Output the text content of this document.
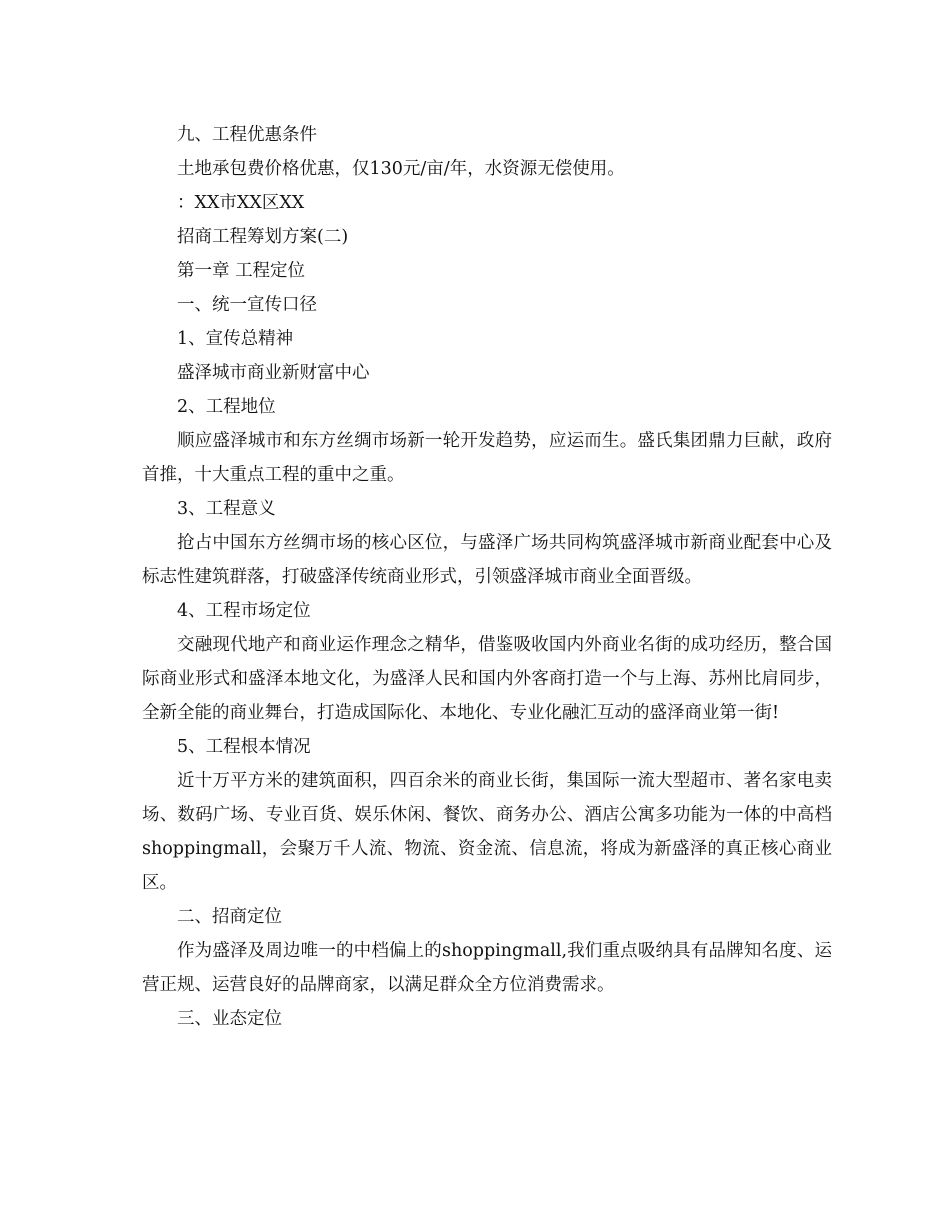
九、工程优惠条件

土地承包费价格优惠，仅130元/亩/年，水资源无偿使用。

：XX市XX区XX

招商工程筹划方案(二)

第一章 工程定位

一、统一宣传口径

1、宣传总精神

盛泽城市商业新财富中心

2、工程地位

顺应盛泽城市和东方丝绸市场新一轮开发趋势，应运而生。盛氏集团鼎力巨献，政府首推，十大重点工程的重中之重。

3、工程意义

抢占中国东方丝绸市场的核心区位，与盛泽广场共同构筑盛泽城市新商业配套中心及标志性建筑群落，打破盛泽传统商业形式，引领盛泽城市商业全面晋级。

4、工程市场定位

交融现代地产和商业运作理念之精华，借鉴吸收国内外商业名街的成功经历，整合国际商业形式和盛泽本地文化，为盛泽人民和国内外客商打造一个与上海、苏州比肩同步，全新全能的商业舞台，打造成国际化、本地化、专业化融汇互动的盛泽商业第一街!

5、工程根本情况

近十万平方米的建筑面积，四百余米的商业长街，集国际一流大型超市、著名家电卖场、数码广场、专业百货、娱乐休闲、餐饮、商务办公、酒店公寓多功能为一体的中高档shoppingmall，会聚万千人流、物流、资金流、信息流，将成为新盛泽的真正核心商业区。

二、招商定位

作为盛泽及周边唯一的中档偏上的shoppingmall,我们重点吸纳具有品牌知名度、运营正规、运营良好的品牌商家，以满足群众全方位消费需求。

三、业态定位
